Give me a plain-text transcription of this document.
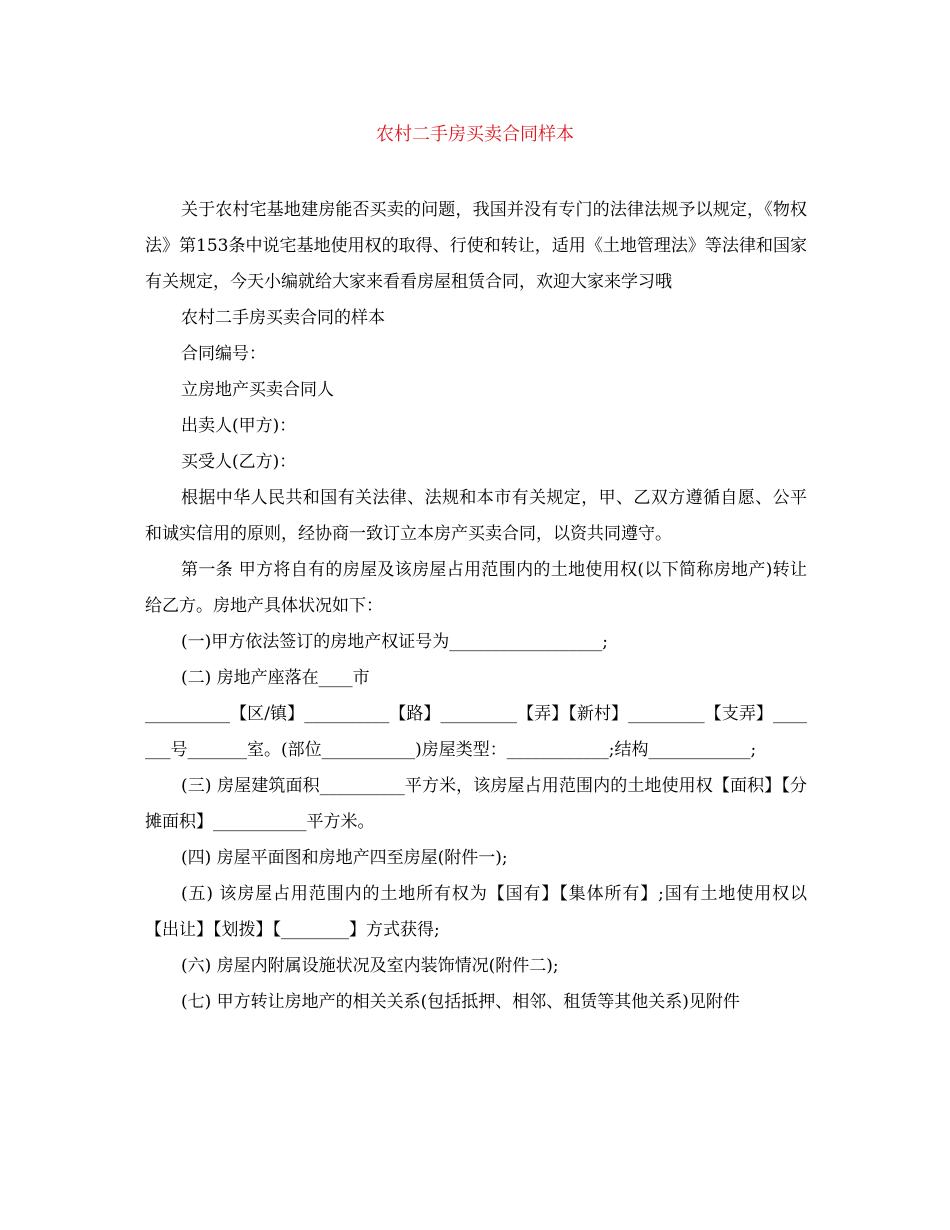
农村二手房买卖合同样本

关于农村宅基地建房能否买卖的问题，我国并没有专门的法律法规予以规定，《物权法》第153条中说宅基地使用权的取得、行使和转让，适用《土地管理法》等法律和国家有关规定，今天小编就给大家来看看房屋租赁合同，欢迎大家来学习哦

农村二手房买卖合同的样本

合同编号：

立房地产买卖合同人

出卖人(甲方)：

买受人(乙方)：

根据中华人民共和国有关法律、法规和本市有关规定，甲、乙双方遵循自愿、公平和诚实信用的原则，经协商一致订立本房产买卖合同，以资共同遵守。

第一条 甲方将自有的房屋及该房屋占用范围内的土地使用权(以下简称房地产)转让给乙方。房地产具体状况如下：

(一)甲方依法签订的房地产权证号为__________________;

(二) 房地产座落在____市

__________【区/镇】__________【路】_________【弄】【新村】_________【支弄】_______号_______室。(部位___________)房屋类型：____________;结构____________;

(三) 房屋建筑面积__________平方米，该房屋占用范围内的土地使用权【面积】【分摊面积】___________平方米。

(四) 房屋平面图和房地产四至房屋(附件一);

(五) 该房屋占用范围内的土地所有权为【国有】【集体所有】;国有土地使用权以【出让】【划拨】【________】方式获得;

(六) 房屋内附属设施状况及室内装饰情况(附件二);

(七) 甲方转让房地产的相关关系(包括抵押、相邻、租赁等其他关系)见附件
